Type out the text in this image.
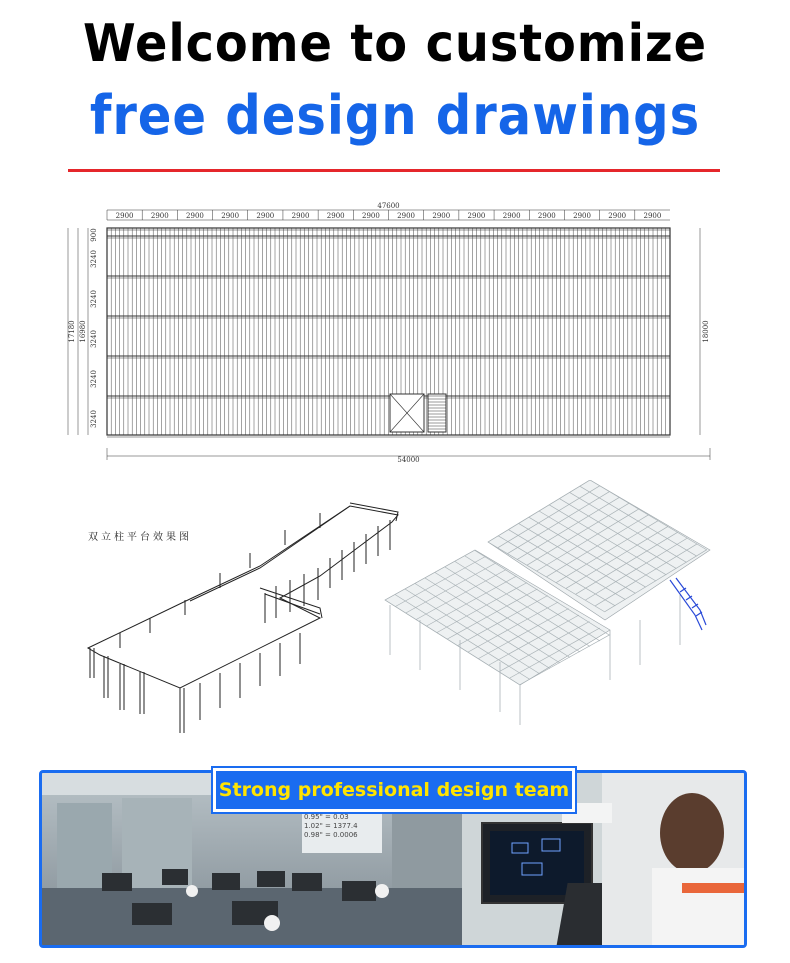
Welcome to customize
free design drawings
2900 2900 2900 2900 2900 2900 2900 2900 2900 2900 2900 2900 2900 2900 2900 2900
47600
900
3240
3240
3240
3240
3240
16980
17180	18000
54000
双立柱平台效果图
0.95" = 0.03
1.02" = 1377.4
0.98" = 0.0006
Strong professional design team
